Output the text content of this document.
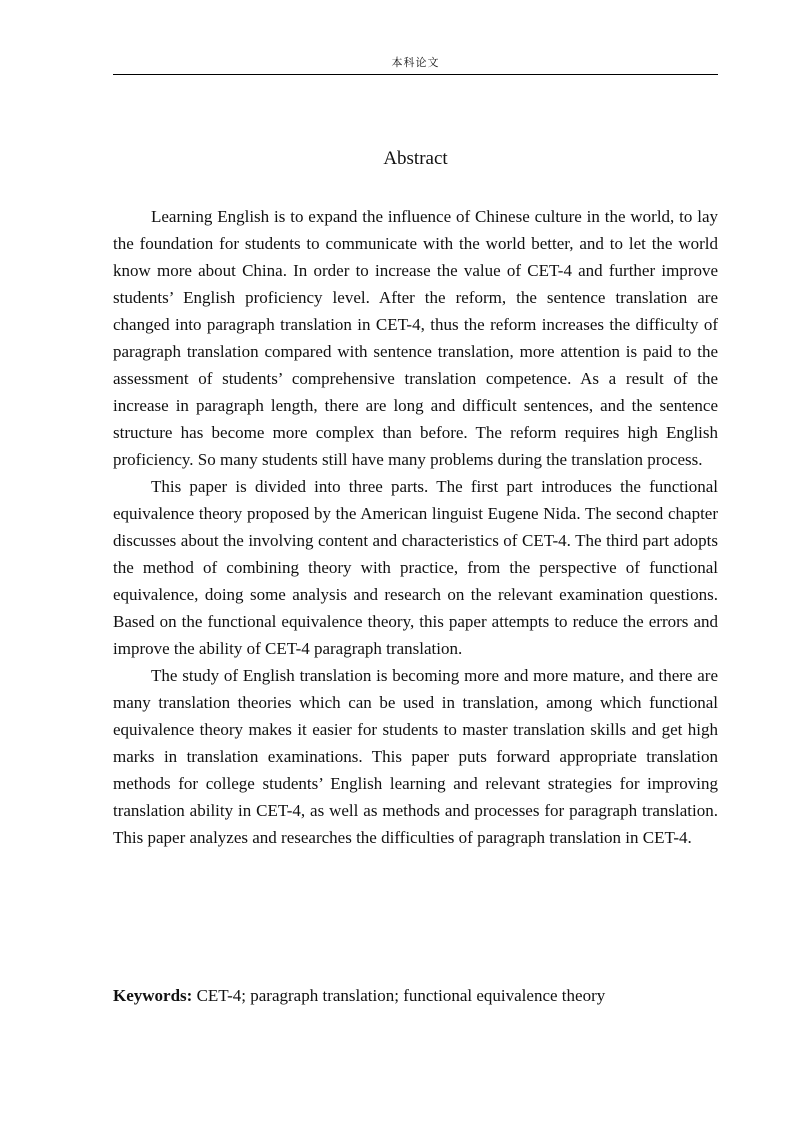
本科论文
Abstract

Learning English is to expand the influence of Chinese culture in the world, to lay the foundation for students to communicate with the world better, and to let the world know more about China. In order to increase the value of CET-4 and further improve students’ English proficiency level. After the reform, the sentence translation are changed into paragraph translation in CET-4, thus the reform increases the difficulty of paragraph translation compared with sentence translation, more attention is paid to the assessment of students’ comprehensive translation competence. As a result of the increase in paragraph length, there are long and difficult sentences, and the sentence structure has become more complex than before. The reform requires high English proficiency. So many students still have many problems during the translation process.

This paper is divided into three parts. The first part introduces the functional equivalence theory proposed by the American linguist Eugene Nida. The second chapter discusses about the involving content and characteristics of CET-4. The third part adopts the method of combining theory with practice, from the perspective of functional equivalence, doing some analysis and research on the relevant examination questions. Based on the functional equivalence theory, this paper attempts to reduce the errors and improve the ability of CET-4 paragraph translation.

The study of English translation is becoming more and more mature, and there are many translation theories which can be used in translation, among which functional equivalence theory makes it easier for students to master translation skills and get high marks in translation examinations. This paper puts forward appropriate translation methods for college students’ English learning and relevant strategies for improving translation ability in CET-4, as well as methods and processes for paragraph translation. This paper analyzes and researches the difficulties of paragraph translation in CET-4.

Keywords: CET-4; paragraph translation; functional equivalence theory
